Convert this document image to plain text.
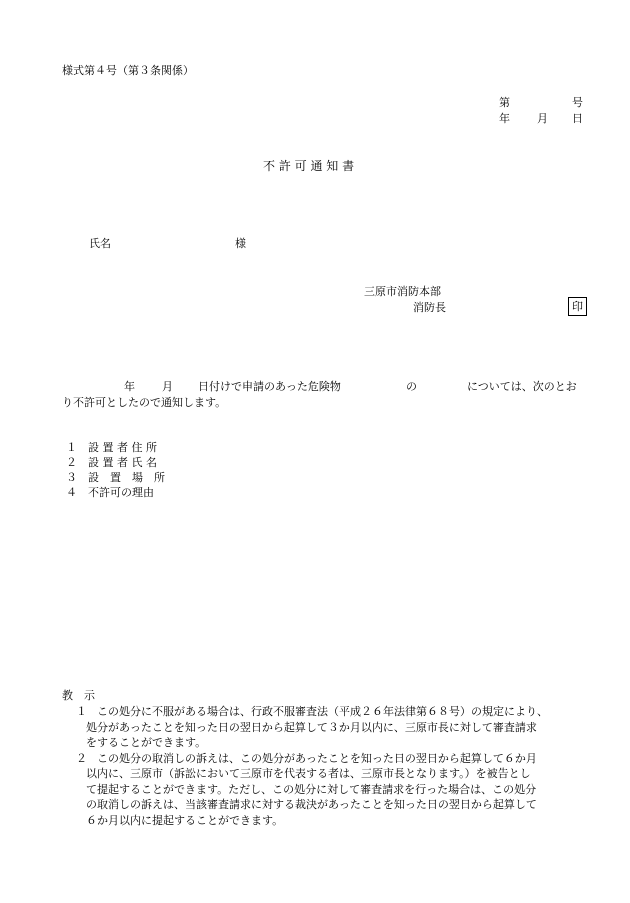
様式第４号（第３条関係）
第	号
年 月 日
不 許 可 通 知 書
氏名	様
三原市消防本部
消防長	印
年 月 日付けで申請のあった危険物	の	については、次のとお
り不許可としたので通知します。
１ 設 置 者 住 所
２ 設 置 者 氏 名
３ 設　置　場　所
４ 不許可の理由
教　示
１　 この処分に不服がある場合は、行政不服審査法（平成２６年法律第６８号）の規定により、
処分があったことを知った日の翌日から起算して３か月以内に、三原市長に対して審査請求
をすることができます。
２　 この処分の取消しの訴えは、この処分があったことを知った日の翌日から起算して６か月
以内に、三原市（訴訟において三原市を代表する者は、三原市長となります。）を被告とし
て提起することができます。ただし、この処分に対して審査請求を行った場合は、この処分
の取消しの訴えは、当該審査請求に対する裁決があったことを知った日の翌日から起算して
６か月以内に提起することができます。
